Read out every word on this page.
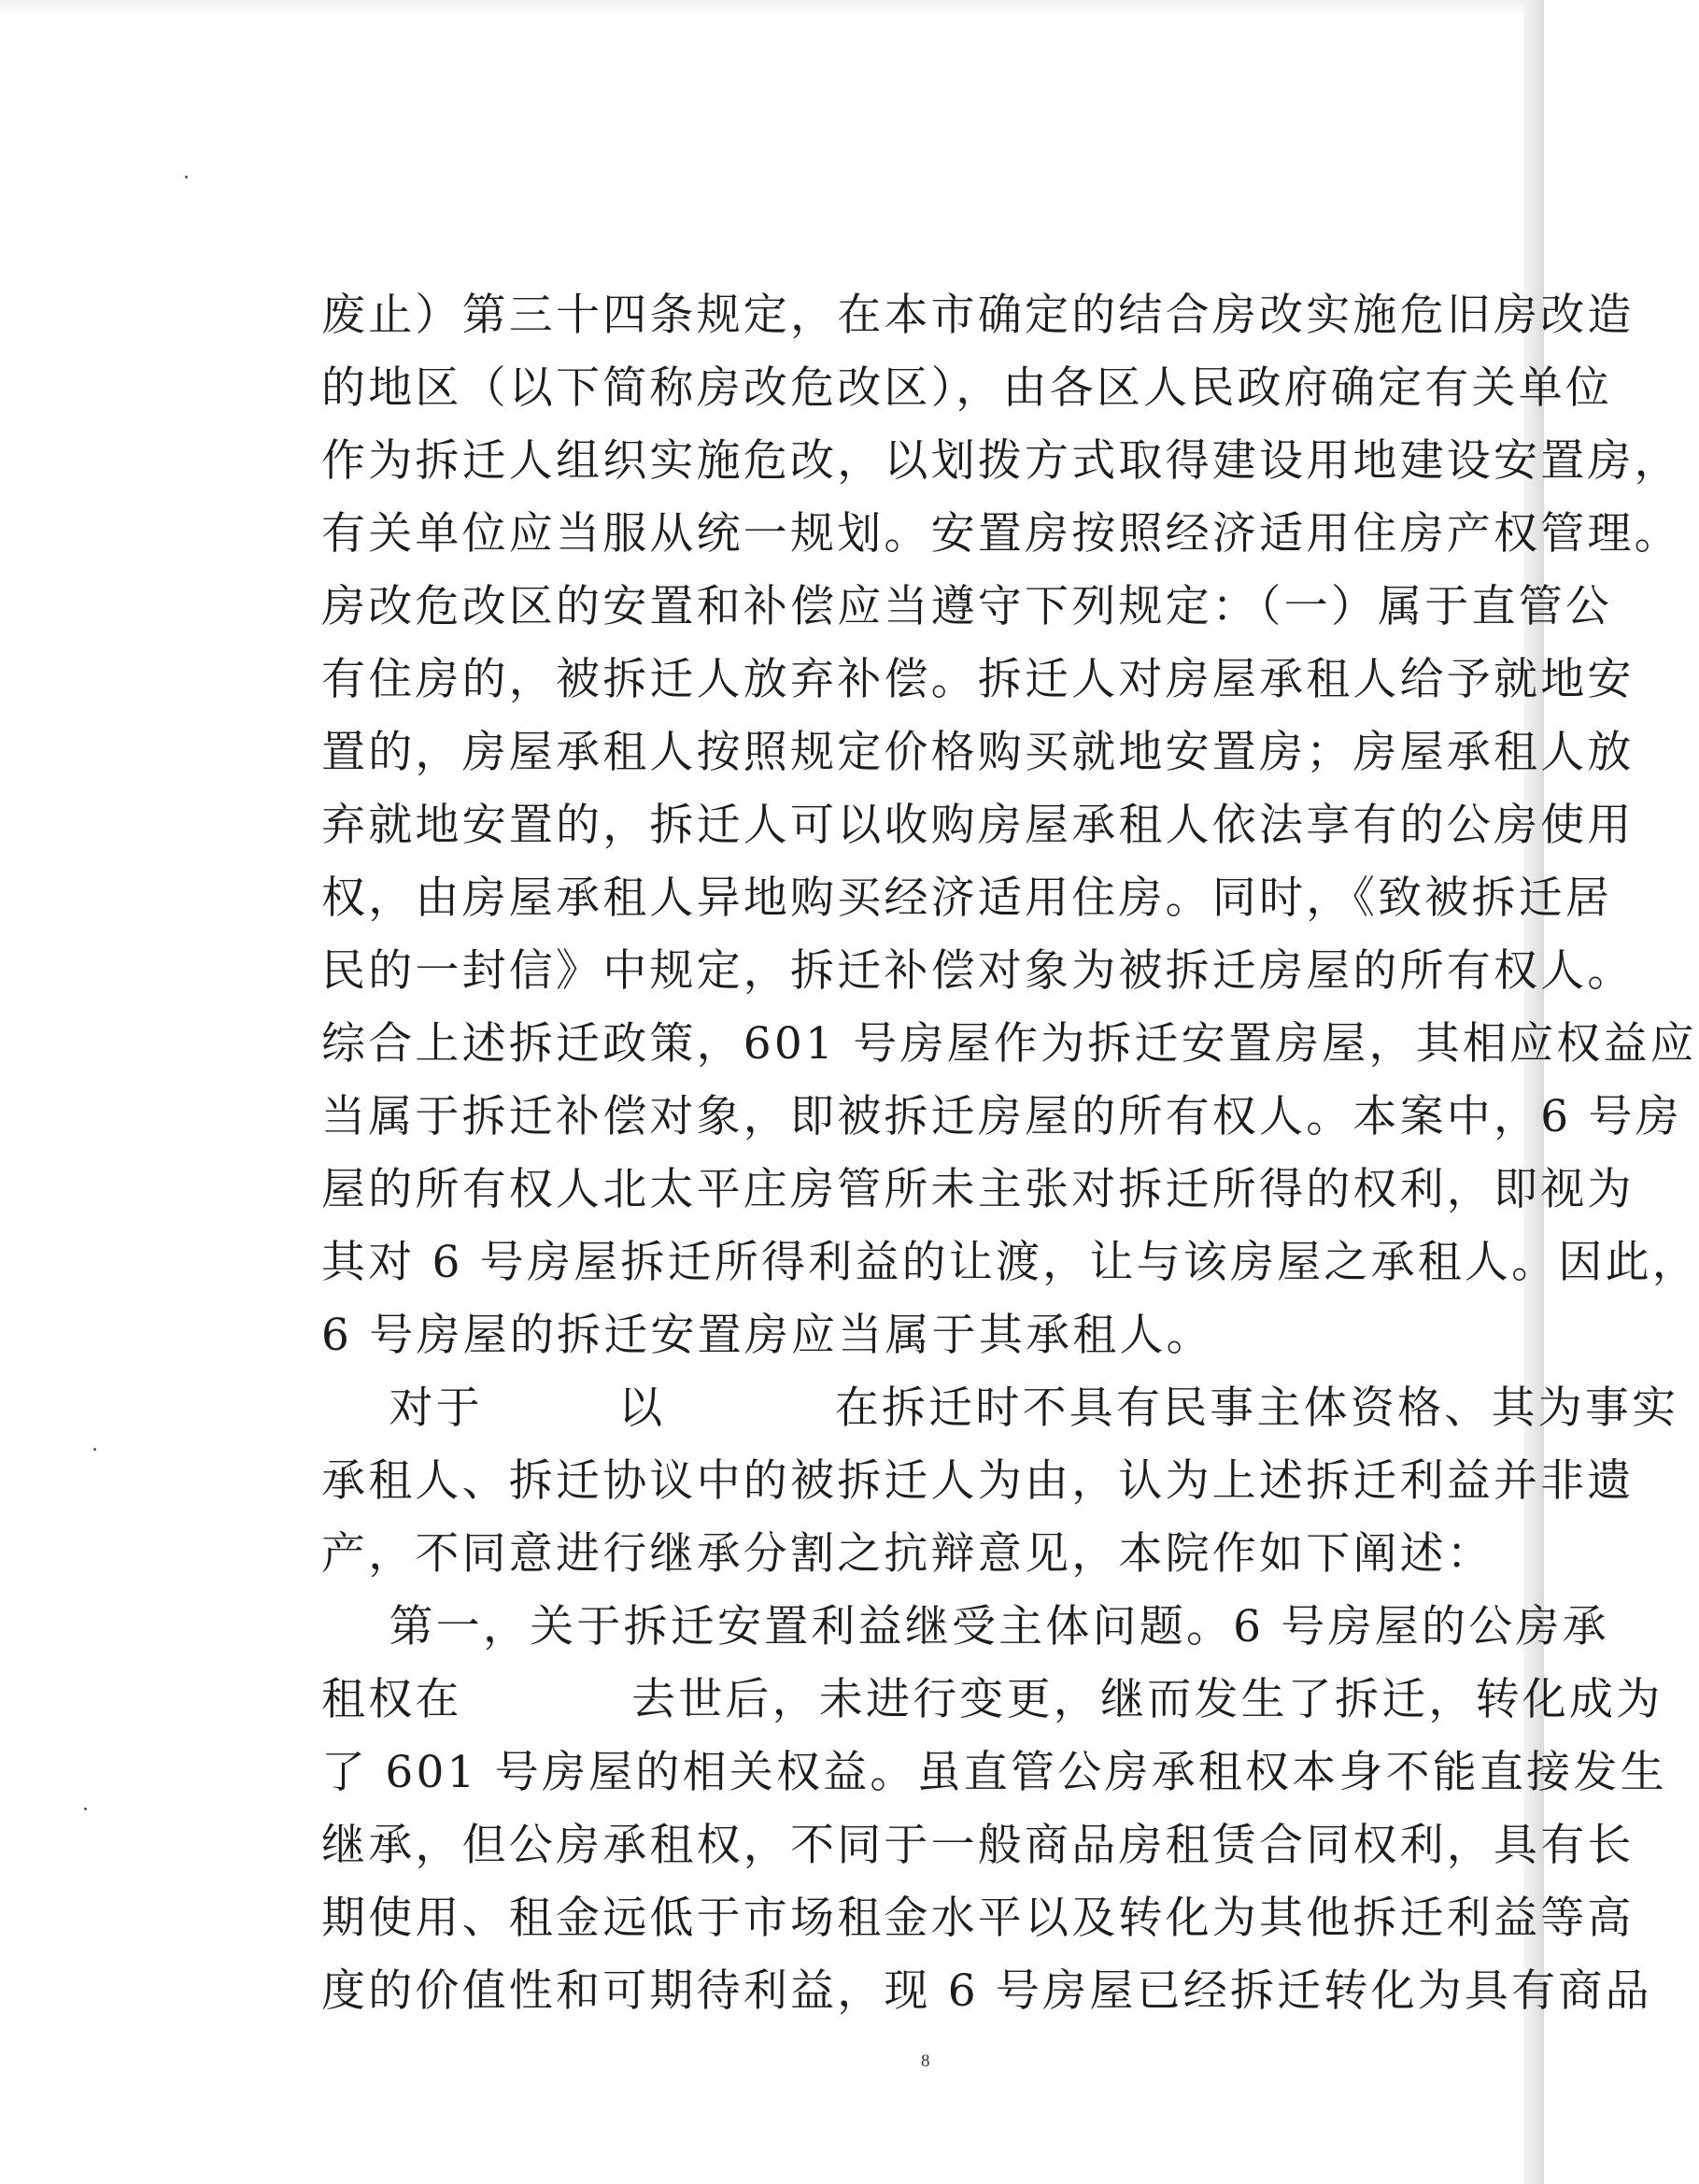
废止）第三十四条规定，在本市确定的结合房改实施危旧房改造
的地区（以下简称房改危改区），由各区人民政府确定有关单位
作为拆迁人组织实施危改，以划拨方式取得建设用地建设安置房，
有关单位应当服从统一规划。安置房按照经济适用住房产权管理。
房改危改区的安置和补偿应当遵守下列规定：（一）属于直管公
有住房的，被拆迁人放弃补偿。拆迁人对房屋承租人给予就地安
置的，房屋承租人按照规定价格购买就地安置房；房屋承租人放
弃就地安置的，拆迁人可以收购房屋承租人依法享有的公房使用
权，由房屋承租人异地购买经济适用住房。同时，《致被拆迁居
民的一封信》中规定，拆迁补偿对象为被拆迁房屋的所有权人。
综合上述拆迁政策，601 号房屋作为拆迁安置房屋，其相应权益应
当属于拆迁补偿对象，即被拆迁房屋的所有权人。本案中，6 号房
屋的所有权人北太平庄房管所未主张对拆迁所得的权利，即视为
其对 6 号房屋拆迁所得利益的让渡，让与该房屋之承租人。因此，
6 号房屋的拆迁安置房应当属于其承租人。
对于        以          在拆迁时不具有民事主体资格、其为事实
承租人、拆迁协议中的被拆迁人为由，认为上述拆迁利益并非遗
产，不同意进行继承分割之抗辩意见，本院作如下阐述：
第一，关于拆迁安置利益继受主体问题。6 号房屋的公房承
租权在          去世后，未进行变更，继而发生了拆迁，转化成为
了 601 号房屋的相关权益。虽直管公房承租权本身不能直接发生
继承，但公房承租权，不同于一般商品房租赁合同权利，具有长
期使用、租金远低于市场租金水平以及转化为其他拆迁利益等高
度的价值性和可期待利益，现 6 号房屋已经拆迁转化为具有商品
8
